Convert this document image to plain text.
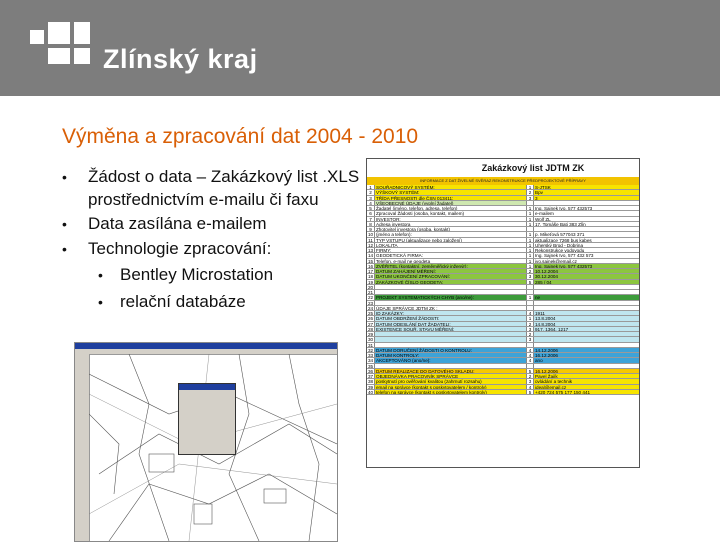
Zlínský kraj
Výměna a zpracování dat 2004 - 2010
• Žádost o data – Zakázkový list .XLS prostřednictvím e-mailu či faxu
• Data zasílána e-mailem
• Technologie zpracování:
• Bentley Microstation
• relační databáze
Zakázkový list JDTM ZK
INFORMACE Z DAT ŽIVELNÉ SVĚRAZ REKONSTRUKCE PŘEDPROJEKTOVÉ PŘÍPRAVY
1 SOUŘADNICOVÝ SYSTÉM:	1 S-JTSK
2 VÝŠKOVÝ SYSTÉM:	2 Bpv
3 TŘÍDA PŘESNOSTI dle ČSN 013411:	3 3
4 VŠEOBECNÉ ÚDAJE (vyplní žadatel)
5 Žadatel (jméno, telefon, adresa, telefon)	1 Ing. Sajnek Ivo, 577 432573
6 Zpracoval Žádosti (osoba, kontakt, mailem)	1 e-mailem
7 INVESTOR:	1 Wolf ZL
8 Adresa investora	1 17. Tomáše Bati 383 Zlín
9 Zhotovitel investora (osoba, kontakt)
10 (jméno a telefon):	1 p. Mikeťová 577043 371
11 TYP VSTUPU (aktualizace nebo založení)	1 aktualizace 7268 bus kabes
12 LOKALITA	1 Uherský Brod - Dobrina
13 FIRMY:	1 Rekonstrukce vodovodu
14 GEODETICKÁ FIRMA:	1 Ing. Sajnek Ivo, 577 432 573
15 Telefon, e-mail ne geodeta	1 ivo.sajnek@email.cz
16 ZVĚŘITEL (kontaktní, zeměměřický inženýr):	1 Ing. Sajnek Ivo, 577 432573
17 DATUM ZAHÁJENÍ MĚŘENÍ:	2 10.12.2004
18 DATUM UKONČENÍ ZPRACOVÁNÍ:	3 30.12.2004
19 ZAKÁZKOVÉ ČÍSLO GEODETA:	5 285 / 04
20
21
22 PROJEKT SYSTEMATICKÝCH CHYB (ano/ne):	1 ne
23
24 ÚDAJE SPRÁVCE JDTM ZK :
25 ID ZAKÁZKY:	4 1911
26 DATUM OBDRŽENÍ ŽÁDOSTI:	1 13.8.2004
27 DATUM ODESLÁNÍ DAT ŽADATELI:	2 14.8.2004
28 EXISTENCE SOUŘ. STAVU MĚŘENÍ:	3 917, 1364, 1217
29	2
30	3
31
32 DATUM DORUČENÍ ŽÁDOSTI O KONTROLU:	4 14.12.2006
33 DATUM KONTROLY:	4 16.12.2006
34 AKCEPTOVÁNO (ano/ne):	4 ano
35
36 DATUM REALIZACE DO DATOVÉHO SKLADU:	5 16.12.2006
37 OBJEDNÁVKA PRACOVNÍK SPRÁVCE	2 Pavel Žajík
38 poskytnutí pro ověřování kvalitou (zahrnutí rozsahu)	3 ovládání a technik
39 email na správce (kontakt s poskytovatelem / kontroly)	4 ideal@email.cz
40 telefon na správce (kontakt s poskytovatelem kontroly)	5 +420 724 575 177 150 441
